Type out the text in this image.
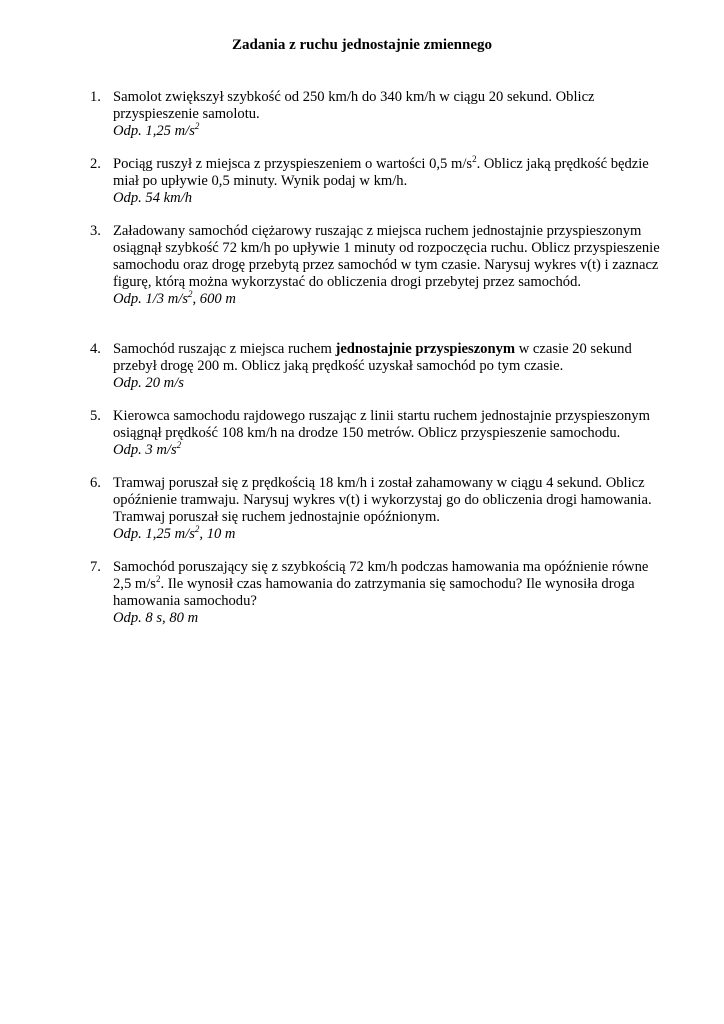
Zadania z ruchu jednostajnie zmiennego
1. Samolot zwiększył szybkość od 250 km/h do 340 km/h w ciągu 20 sekund. Oblicz przyspieszenie samolotu.
Odp. 1,25 $m/s^2$
2. Pociąg ruszył z miejsca z przyspieszeniem o wartości 0,5 $m/s^2$. Oblicz jaką prędkość będzie miał po upływie 0,5 minuty. Wynik podaj w km/h.
Odp. 54 km/h
3. Załadowany samochód ciężarowy ruszając z miejsca ruchem jednostajnie przyspieszonym osiągnął szybkość 72 km/h po upływie 1 minuty od rozpoczęcia ruchu. Oblicz przyspieszenie samochodu oraz drogę przebytą przez samochód w tym czasie. Narysuj wykres v(t) i zaznacz figurę, którą można wykorzystać do obliczenia drogi przebytej przez samochód.
Odp. 1/3 $m/s^2$, 600 m
4. Samochód ruszając z miejsca ruchem jednostajnie przyspieszonym w czasie 20 sekund przebył drogę 200 m. Oblicz jaką prędkość uzyskał samochód po tym czasie.
Odp. 20 m/s
5. Kierowca samochodu rajdowego ruszając z linii startu ruchem jednostajnie przyspieszonym osiągnął prędkość 108 km/h na drodze 150 metrów. Oblicz przyspieszenie samochodu.
Odp. 3 $m/s^2$
6. Tramwaj poruszał się z prędkością 18 km/h i został zahamowany w ciągu 4 sekund. Oblicz opóźnienie tramwaju. Narysuj wykres v(t) i wykorzystaj go do obliczenia drogi hamowania. Tramwaj poruszał się ruchem jednostajnie opóźnionym.
Odp. 1,25 $m/s^2$, 10 m
7. Samochód poruszający się z szybkością 72 km/h podczas hamowania ma opóźnienie równe 2,5 $m/s^2$. Ile wynosił czas hamowania do zatrzymania się samochodu? Ile wynosiła droga hamowania samochodu?
Odp. 8 s, 80 m
